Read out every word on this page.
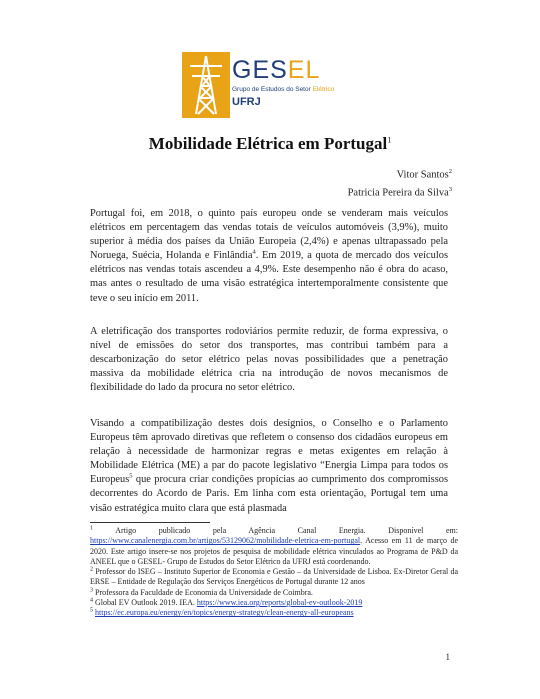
GESEL
Grupo de Estudos do Setor Elétrico
UFRJ
Mobilidade Elétrica em Portugal$^1$
Vitor Santos$^2$
Patricia Pereira da Silva$^3$
Portugal foi, em 2018, o quinto país europeu onde se venderam mais veículos elétricos em percentagem das vendas totais de veículos automóveis (3,9%), muito superior à média dos países da União Europeia (2,4%) e apenas ultrapassado pela Noruega, Suécia, Holanda e Finlândia$^4$. Em 2019, a quota de mercado dos veículos elétricos nas vendas totais ascendeu a 4,9%. Este desempenho não é obra do acaso, mas antes o resultado de uma visão estratégica intertemporalmente consistente que teve o seu início em 2011.
A eletrificação dos transportes rodoviários permite reduzir, de forma expressiva, o nível de emissões do setor dos transportes, mas contribui também para a descarbonização do setor elétrico pelas novas possibilidades que a penetração massiva da mobilidade elétrica cria na introdução de novos mecanismos de flexibilidade do lado da procura no setor elétrico.
Visando a compatibilização destes dois desígnios, o Conselho e o Parlamento Europeus têm aprovado diretivas que refletem o consenso dos cidadãos europeus em relação à necessidade de harmonizar regras e metas exigentes em relação à Mobilidade Elétrica (ME) a par do pacote legislativo “Energia Limpa para todos os Europeus$^5$ que procura criar condições propícias ao cumprimento dos compromissos decorrentes do Acordo de Paris. Em linha com esta orientação, Portugal tem uma visão estratégica muito clara que está plasmada
$^1$	Artigo publicado pela Agência Canal Energia. Disponível em: https://www.canalenergia.com.br/artigos/53129062/mobilidade-eletrica-em-portugal. Acesso em 11 de março de 2020. Este artigo insere-se nos projetos de pesquisa de mobilidade elétrica vinculados ao Programa de P&D da ANEEL que o GESEL- Grupo de Estudos do Setor Elétrico da UFRJ está coordenando.
$^2$ Professor do ISEG – Instituto Superior de Economia e Gestão – da Universidade de Lisboa. Ex-Diretor Geral da ERSE – Entidade de Regulação dos Serviços Energéticos de Portugal durante 12 anos
$^3$ Professora da Faculdade de Economia da Universidade de Coimbra.
$^4$ Global EV Outlook 2019. IEA. https://www.iea.org/reports/global-ev-outlook-2019
$^5$ https://ec.europa.eu/energy/en/topics/energy-strategy/clean-energy-all-europeans
1
